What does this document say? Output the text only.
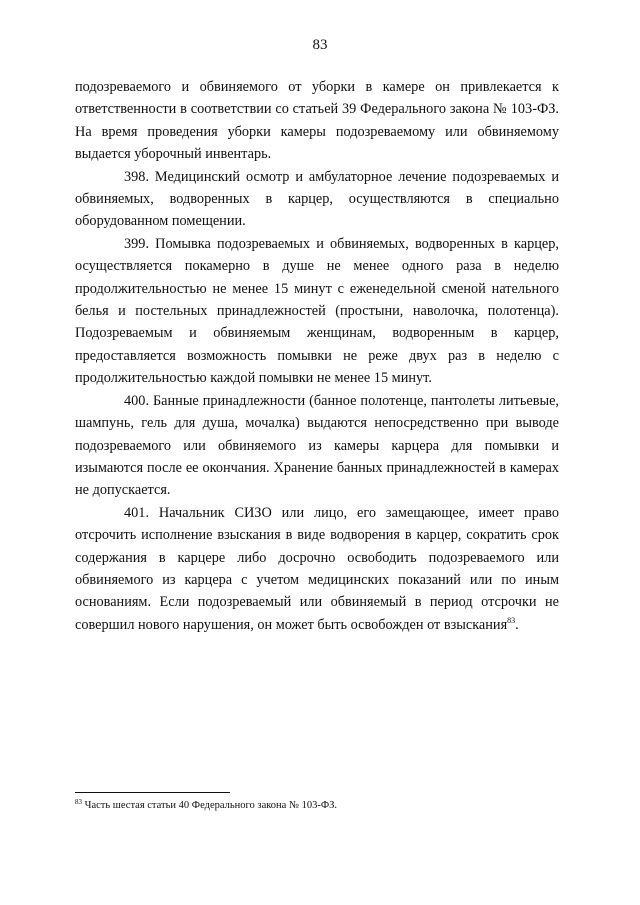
83

подозреваемого и обвиняемого от уборки в камере он привлекается к ответственности в соответствии со статьей 39 Федерального закона № 103-ФЗ. На время проведения уборки камеры подозреваемому или обвиняемому выдается уборочный инвентарь.

398. Медицинский осмотр и амбулаторное лечение подозреваемых и обвиняемых, водворенных в карцер, осуществляются в специально оборудованном помещении.

399. Помывка подозреваемых и обвиняемых, водворенных в карцер, осуществляется покамерно в душе не менее одного раза в неделю продолжительностью не менее 15 минут с еженедельной сменой нательного белья и постельных принадлежностей (простыни, наволочка, полотенца). Подозреваемым и обвиняемым женщинам, водворенным в карцер, предоставляется возможность помывки не реже двух раз в неделю с продолжительностью каждой помывки не менее 15 минут.

400. Банные принадлежности (банное полотенце, пантолеты литьевые, шампунь, гель для душа, мочалка) выдаются непосредственно при выводе подозреваемого или обвиняемого из камеры карцера для помывки и изымаются после ее окончания. Хранение банных принадлежностей в камерах не допускается.

401. Начальник СИЗО или лицо, его замещающее, имеет право отсрочить исполнение взыскания в виде водворения в карцер, сократить срок содержания в карцере либо досрочно освободить подозреваемого или обвиняемого из карцера с учетом медицинских показаний или по иным основаниям. Если подозреваемый или обвиняемый в период отсрочки не совершил нового нарушения, он может быть освобожден от взыскания$^{83}$.

$^{83}$ Часть шестая статьи 40 Федерального закона № 103-ФЗ.
